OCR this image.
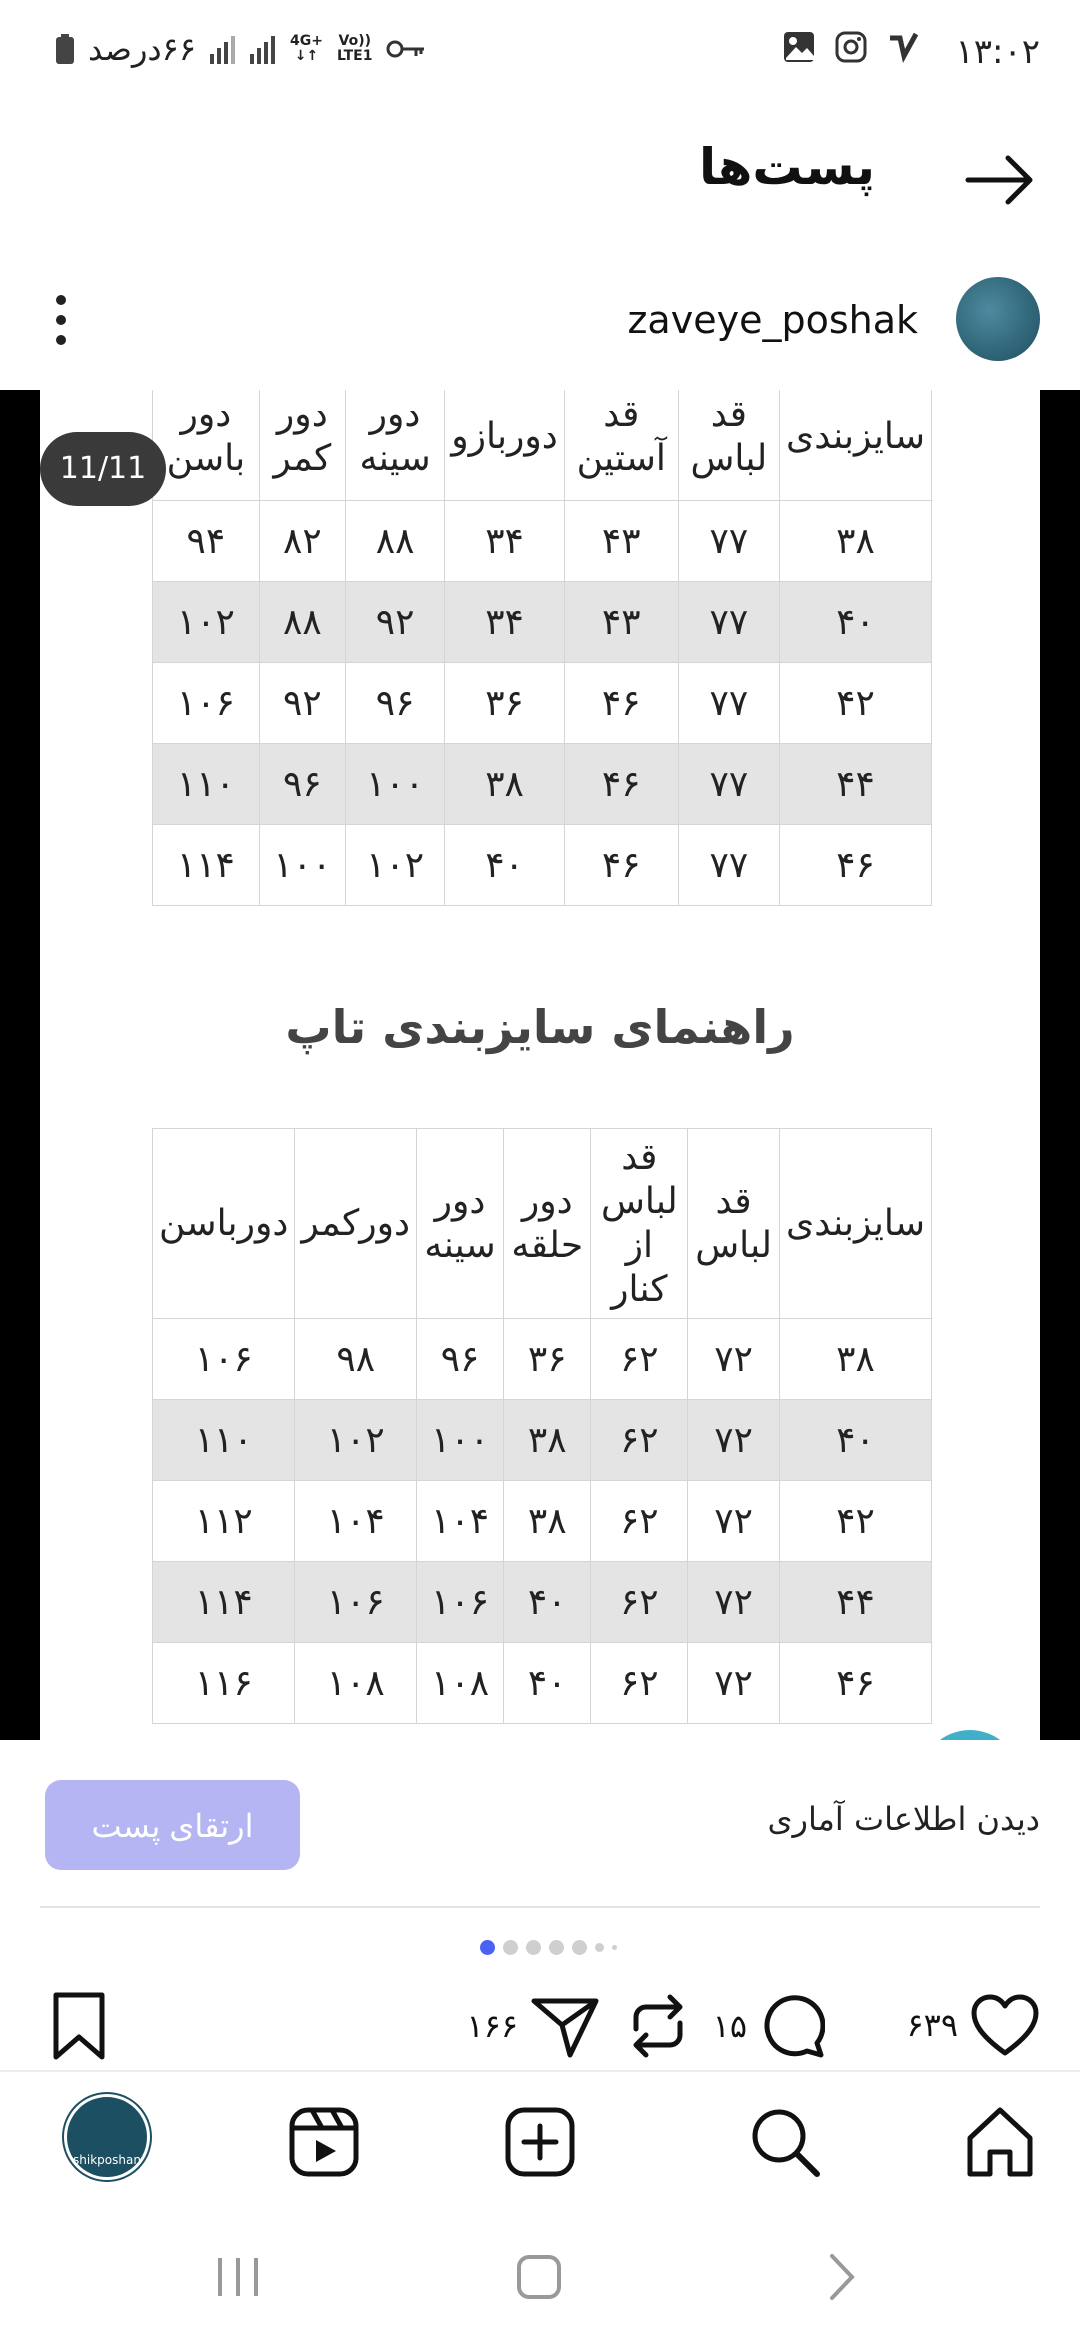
۱۳:۰۲
۶۶درصد	4G+
↓↑
Vo))
LTE1
پست‌ها
zaveye_poshak
سایزبندی	قد لباس	قد آستین	دوربازو	دور سینه	دور کمر	دور باسن
۳۸	۷۷	۴۳	۳۴	۸۸	۸۲	۹۴
۴۰	۷۷	۴۳	۳۴	۹۲	۸۸	۱۰۲
۴۲	۷۷	۴۶	۳۶	۹۶	۹۲	۱۰۶
۴۴	۷۷	۴۶	۳۸	۱۰۰	۹۶	۱۱۰
۴۶	۷۷	۴۶	۴۰	۱۰۲	۱۰۰	۱۱۴
راهنمای سایزبندی تاپ
سایزبندی	قد لباس	قد لباس از کنار	دور حلقه	دور سینه	دورکمر	دورباسن
۳۸	۷۲	۶۲	۳۶	۹۶	۹۸	۱۰۶
۴۰	۷۲	۶۲	۳۸	۱۰۰	۱۰۲	۱۱۰
۴۲	۷۲	۶۲	۳۸	۱۰۴	۱۰۴	۱۱۲
۴۴	۷۲	۶۲	۴۰	۱۰۶	۱۰۶	۱۱۴
۴۶	۷۲	۶۲	۴۰	۱۰۸	۱۰۸	۱۱۶
11/11
ارتقای پست	دیدن اطلاعات آماری
۶۳۹
۱۵
۱۶۶
shikposhan
